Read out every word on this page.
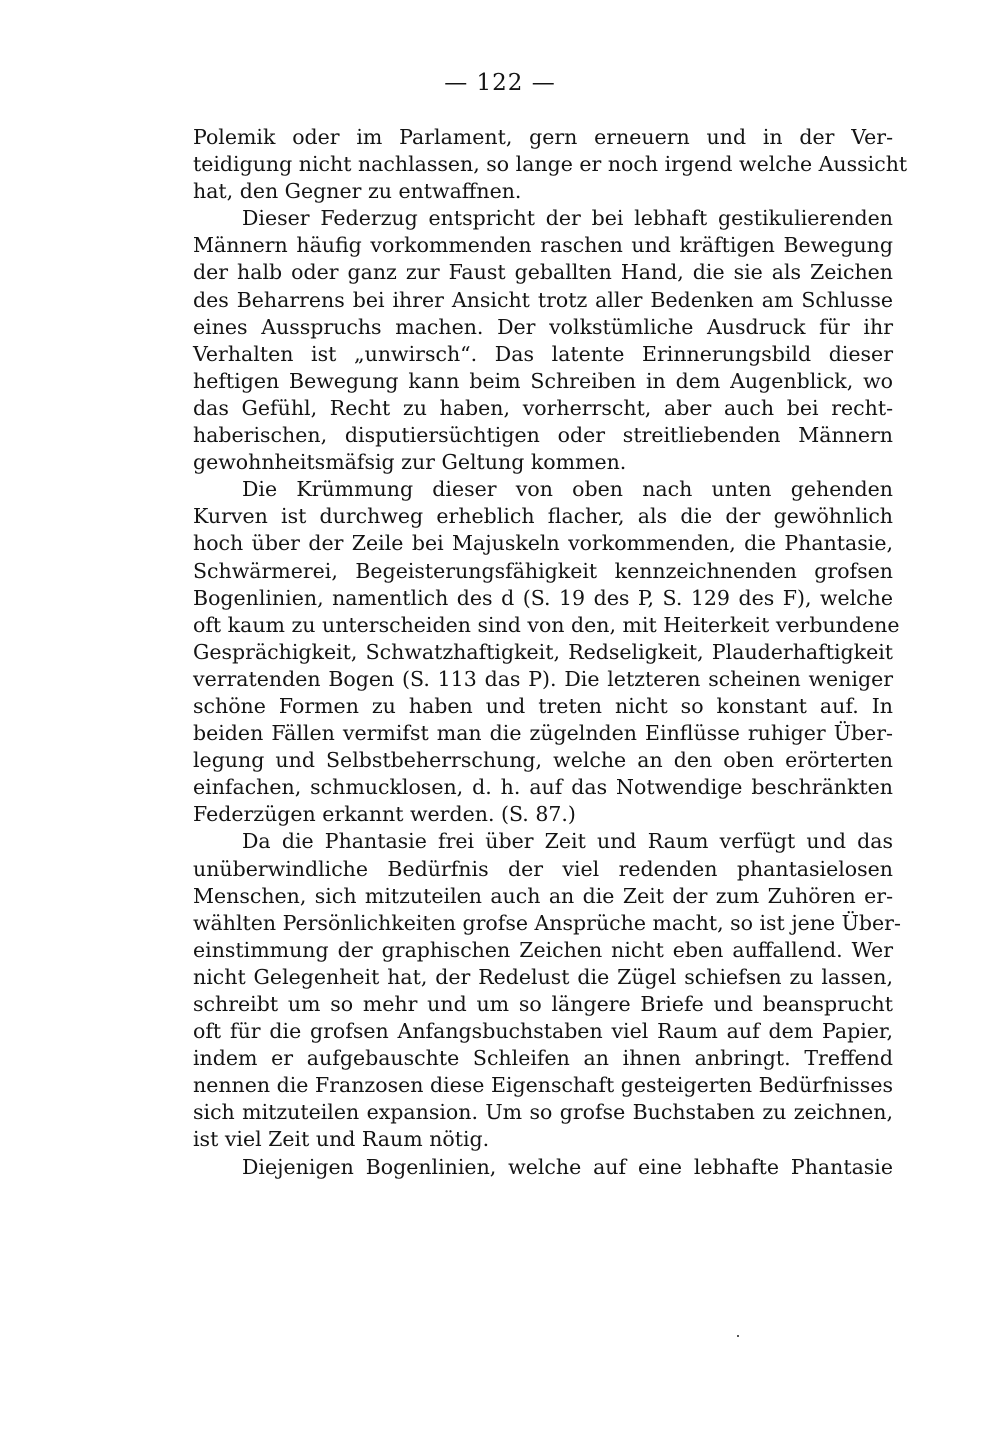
— 122 —
Polemik oder im Parlament, gern erneuern und in der Ver-
teidigung nicht nachlassen, so lange er noch irgend welche Aussicht
hat, den Gegner zu entwaffnen.
Dieser Federzug entspricht der bei lebhaft gestikulierenden
Männern häufig vorkommenden raschen und kräftigen Bewegung
der halb oder ganz zur Faust geballten Hand, die sie als Zeichen
des Beharrens bei ihrer Ansicht trotz aller Bedenken am Schlusse
eines Ausspruchs machen. Der volkstümliche Ausdruck für ihr
Verhalten ist „unwirsch“. Das latente Erinnerungsbild dieser
heftigen Bewegung kann beim Schreiben in dem Augenblick, wo
das Gefühl, Recht zu haben, vorherrscht, aber auch bei recht-
haberischen, disputiersüchtigen oder streitliebenden Männern
gewohnheitsmäfsig zur Geltung kommen.
Die Krümmung dieser von oben nach unten gehenden
Kurven ist durchweg erheblich flacher, als die der gewöhnlich
hoch über der Zeile bei Majuskeln vorkommenden, die Phantasie,
Schwärmerei, Begeisterungsfähigkeit kennzeichnenden grofsen
Bogenlinien, namentlich des d (S. 19 des P, S. 129 des F), welche
oft kaum zu unterscheiden sind von den, mit Heiterkeit verbundene
Gesprächigkeit, Schwatzhaftigkeit, Redseligkeit, Plauderhaftigkeit
verratenden Bogen (S. 113 das P). Die letzteren scheinen weniger
schöne Formen zu haben und treten nicht so konstant auf. In
beiden Fällen vermifst man die zügelnden Einflüsse ruhiger Über-
legung und Selbstbeherrschung, welche an den oben erörterten
einfachen, schmucklosen, d. h. auf das Notwendige beschränkten
Federzügen erkannt werden. (S. 87.)
Da die Phantasie frei über Zeit und Raum verfügt und das
unüberwindliche Bedürfnis der viel redenden phantasielosen
Menschen, sich mitzuteilen auch an die Zeit der zum Zuhören er-
wählten Persönlichkeiten grofse Ansprüche macht, so ist jene Über-
einstimmung der graphischen Zeichen nicht eben auffallend. Wer
nicht Gelegenheit hat, der Redelust die Zügel schiefsen zu lassen,
schreibt um so mehr und um so längere Briefe und beansprucht
oft für die grofsen Anfangsbuchstaben viel Raum auf dem Papier,
indem er aufgebauschte Schleifen an ihnen anbringt. Treffend
nennen die Franzosen diese Eigenschaft gesteigerten Bedürfnisses
sich mitzuteilen expansion. Um so grofse Buchstaben zu zeichnen,
ist viel Zeit und Raum nötig.
Diejenigen Bogenlinien, welche auf eine lebhafte Phantasie
